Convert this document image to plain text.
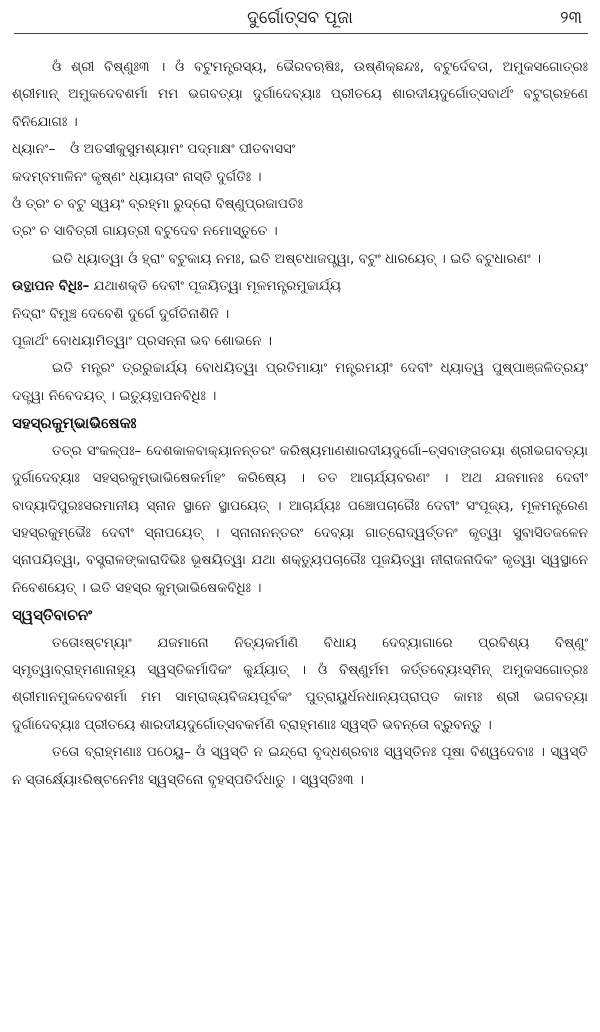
ଦୁର୍ଗୋତ୍ସବ ପୂଜା	୨୩

ଓଁ ଶ୍ରୀ ବିଷ୍ଣୁଃ୩ । ଓଁ ବଟୁମନ୍ତ୍ରସ୍ୟ, ଭୈରବଋଷିଃ, ଉଷ୍ଣିକ୍‌ଛନ୍ଦଃ, ବଟୁର୍ଦେବତା, ଅମୁକସଗୋତ୍ରଃ ଶ୍ରୀମାନ୍ ଅମୁକଦେବଶର୍ମା ମମ ଭଗବତ୍ୟା ଦୁର୍ଗାଦେବ୍ୟାଃ ପ୍ରୀତୟେ ଶାରଦୀୟଦୁର୍ଗୋତ୍ସବାର୍ଥଂ ବଟୁଗ୍ରହଣେ ବିନିଯୋଗଃ ।

ଧ୍ୟାନଂ–	ଓଁ ଅତସୀକୁସୁମଶ୍ୟାମଂ ପଦ୍ମାକ୍ଷଂ ପୀତବାସସଂ

କଦମ୍ବମାଳିନଂ କୃଷ୍ଣଂ ଧ୍ୟାୟତାଂ ନାସ୍ତି ଦୁର୍ଗତିଃ ।

ଓଁ ତ୍ରଂ ଚ ବଟୁ ସ୍ୱୟଂ ବ୍ରହ୍ମା ରୁଦ୍ରୋ ବିଷ୍ଣୁପ୍ରଜାପତିଃ

ତ୍ରଂ ଚ ସାବିତ୍ରୀ ଗାୟତ୍ରୀ ବଟୁଦେବ ନମୋସ୍ତୁତେ ।

ଇତି ଧ୍ୟାତ୍ୱା ଓଁ ହ୍ରାଂ ବଟୁକାୟ ନମଃ, ଇତି ଅଷ୍ଟଧାଜପ୍ତ୍ୱା, ବଟୁଂ ଧାରୟେତ୍ । ଇତି ବଟୁଧାରଣଂ ।

ଉତ୍ଥାପନ ବିଧିଃ– ଯଥାଶକ୍ତି ଦେବୀଂ ପୂଜୟିତ୍ୱା ମୂଳମନ୍ତ୍ରମୁଚ୍ଚାର୍ଯ୍ୟ

ନିଦ୍ରାଂ ବିମୁଞ୍ଚ ଦେବେଶି ଦୁର୍ଗେ ଦୁର୍ଗତିନାଶିନି ।

ପୂଜାର୍ଥଂ ବୋଧୟାମିତ୍ୱାଂ ପ୍ରସନ୍ନା ଭବ ଶୋଭନେ ।

ଇତି ମନ୍ତ୍ରଂ ତ୍ରରୁଚ୍ଚାର୍ଯ୍ୟ ବୋଧୟିତ୍ୱା ପ୍ରତିମାୟାଂ ମନ୍ତ୍ରମୟୀଂ ଦେବୀଂ ଧ୍ୟାତ୍ୱ ପୁଷ୍ପାଞ୍ଜଳିତ୍ରୟଂ ଦତ୍ତ୍ୱା ନିବେଦୟତ୍ । ଇତ୍ୟୁତ୍ଥାପନବିଧିଃ ।

ସହସ୍ରକୁମ୍ଭାଭିଷେକଃ

ତତ୍ର ସଂକଳ୍ପଃ– ଦେଶକାଳବାକ୍ୟାନନ୍ତରଂ କରିଷ୍ୟମାଣଶାରଦୀୟଦୁର୍ଗୋ–ତ୍ସବାଙ୍ଗତୟା ଶ୍ରୀଭଗବତ୍ୟା ଦୁର୍ଗାଦେବ୍ୟାଃ ସହସ୍ରକୁମ୍ଭାଭିଷେକର୍ମାହଂ କରିଷ୍ୟେ । ତତ ଆଚାର୍ଯ୍ୟବରଣଂ । ଅଥ ଯଜମାନଃ ଦେବୀଂ ବାଦ୍ୟାଦିପୁରଃସରମାନୀୟ ସ୍ନାନ ସ୍ଥାନେ ସ୍ଥାପୟେତ୍ । ଆଚାର୍ଯ୍ୟଃ ପଞ୍ଚୋପଚାରୈଃ ଦେବୀଂ ସଂପୂଜ୍ୟ, ମୂଳମନ୍ତ୍ରେଣ ସହସ୍ରକୁମ୍ଭୈଃ ଦେବୀଂ ସ୍ନାପୟେତ୍ । ସ୍ନାନାନନ୍ତରଂ ଦେବ୍ୟା ଗାତ୍ରୋଦ୍ୱର୍ତ୍ତନଂ କୃତ୍ୱା ସୁବାସିତଜଳେନ ସ୍ନାପୟିତ୍ୱା, ବସ୍ତ୍ରାଳଙ୍କାରାଦିଭିଃ ଭୂଷୟିତ୍ୱା ଯଥା ଶକ୍ତ୍ୟୁପଚାରୈଃ ପୂଜୟିତ୍ୱା ନୀରାଜନାଦିକଂ କୃତ୍ୱା ସ୍ୱସ୍ଥାନେ ନିବେଶୟେତ୍ । ଇତି ସହସ୍ର କୁମ୍ଭାଭିଷେକବିଧିଃ ।

ସ୍ୱସ୍ତିବାଚନଂ

ତତୋଽଷ୍ଟମ୍ୟାଂ ଯଜମାନୋ ନିତ୍ୟକର୍ମାଣି ବିଧାୟ ଦେବ୍ୟାଗାରେ ପ୍ରବିଶ୍ୟ ବିଷ୍ଣୁଂ ସ୍ମୃତ୍ୱାବ୍ରାହ୍ମଣାନାହୂୟ ସ୍ୱସ୍ତିକର୍ମାଦିକଂ କୁର୍ଯ୍ୟାତ୍ । ଓଁ ବିଷ୍ଣୁର୍ମମ କର୍ତ୍ତବ୍ୟେଽସ୍ମିନ୍ ଅମୁକସଗୋତ୍ରଃ ଶ୍ରୀମାନମୁକଦେବଶର୍ମା ମମ ସାମ୍ରାଜ୍ୟବିଜୟପୂର୍ବକଂ ପୁତ୍ରାୟୁର୍ଧନଧାନ୍ୟପ୍ରାପ୍ତ କାମଃ ଶ୍ରୀ ଭଗବତ୍ୟା ଦୁର୍ଗାଦେବ୍ୟାଃ ପ୍ରୀତୟେ ଶାରଦୀୟଦୁର୍ଗୋତ୍ସବକର୍ମଣି ବ୍ରାହ୍ମଣାଃ ସ୍ୱସ୍ତି ଭବନ୍ତୋ ବ୍ରୁବନ୍ତୁ ।

ତତୋ ବ୍ରାହ୍ମଣାଃ ପଠେୟୁ– ଓଁ ସ୍ୱସ୍ତି ନ ଇନ୍ଦ୍ରୋ ବୃଦ୍ଧଶ୍ରବାଃ ସ୍ୱସ୍ତିନଃ ପୂଷା ବିଶ୍ୱଦେବାଃ । ସ୍ୱସ୍ତି ନ ସ୍ତାର୍କ୍ଷ୍ୟୋଽରିଷ୍ଟନେମିଃ ସ୍ୱସ୍ତିନୋ ବୃହସ୍ପତିର୍ଦଧାତୁ । ସ୍ୱସ୍ତିଃ୩ ।
